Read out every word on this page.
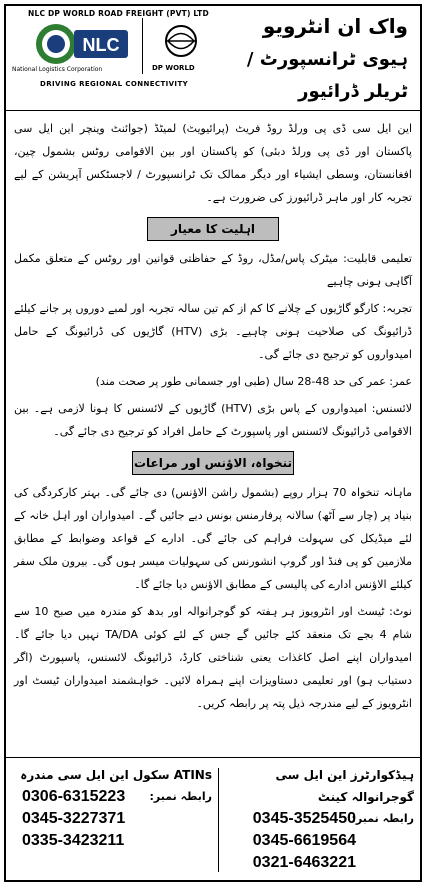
NLC DP WORLD ROAD FREIGHT (PVT) LTD
NLC
National Logistics Corporation	DP WORLD
DRIVING REGIONAL CONNECTIVITY
واک ان انٹرویو
ہیوی ٹرانسپورٹ / ٹریلر ڈرائیور
این ایل سی ڈی پی ورلڈ روڈ فریٹ (پرائیویٹ) لمیٹڈ (جوائنٹ وینچر این ایل سی پاکستان اور ڈی پی ورلڈ دبئی) کو پاکستان اور بین الاقوامی روٹس بشمول چین، افغانستان، وسطی ایشیاء اور دیگر ممالک تک ٹرانسپورٹ / لاجسٹکس آپریشن کے لیے تجربہ کار اور ماہر ڈرائیورز کی ضرورت ہے۔
اہلیت کا معیار
تعلیمی قابلیت: میٹرک پاس/مڈل، روڈ کے حفاظتی قوانین اور روٹس کے متعلق مکمل آگاہی ہونی چاہیے
تجربہ: کارگو گاڑیوں کے چلانے کا کم از کم تین سالہ تجربہ اور لمبے دوروں پر جانے کیلئے ڈرائیونگ کی صلاحیت ہونی چاہیے۔ بڑی (HTV) گاڑیوں کی ڈرائیونگ کے حامل امیدواروں کو ترجیح دی جائے گی۔
عمر: عمر کی حد 48-28 سال (طبی اور جسمانی طور پر صحت مند)
لائسنس: امیدواروں کے پاس بڑی (HTV) گاڑیوں کے لائسنس کا ہونا لازمی ہے۔ بین الاقوامی ڈرائیونگ لائسنس اور پاسپورٹ کے حامل افراد کو ترجیح دی جائے گی۔
تنخواہ، الاؤنس اور مراعات
ماہانہ تنخواہ 70 ہزار روپے (بشمول راشن الاؤنس) دی جائے گی۔ بہتر کارکردگی کی بنیاد پر (چار سے آٹھ) سالانہ پرفارمنس بونس دیے جائیں گے۔ امیدواران اور اہل خانہ کے لئے میڈیکل کی سہولت فراہم کی جائے گی۔ ادارے کے قواعد وضوابط کے مطابق ملازمین کو پی فنڈ اور گروپ انشورنس کی سہولیات میسر ہوں گی۔ بیرون ملک سفر کیلئے الاؤنس ادارے کی پالیسی کے مطابق الاؤنس دیا جائے گا۔
نوٹ: ٹیسٹ اور انٹرویوز ہر ہفتہ کو گوجرانوالہ اور بدھ کو مندرہ میں صبح 10 سے شام 4 بجے تک منعقد کئے جائیں گے جس کے لئے کوئی TA/DA نہیں دیا جائے گا۔ امیدواران اپنے اصل کاغذات یعنی شناختی کارڈ، ڈرائیونگ لائسنس، پاسپورٹ (اگر دستیاب ہو) اور تعلیمی دستاویزات اپنے ہمراہ لائیں۔ خواہشمند امیدواران ٹیسٹ اور انٹرویوز کے لیے مندرجہ ذیل پتہ پر رابطہ کریں۔
ہیڈکوارٹرز این ایل سی گوجرانوالہ کینٹ
رابطہ نمبر:
0345-3525450
0345-6619564
0321-6463221
ATINs سکول این ایل سی مندرہ
رابطہ نمبر:
0306-6315223
0345-3227371
0335-3423211
